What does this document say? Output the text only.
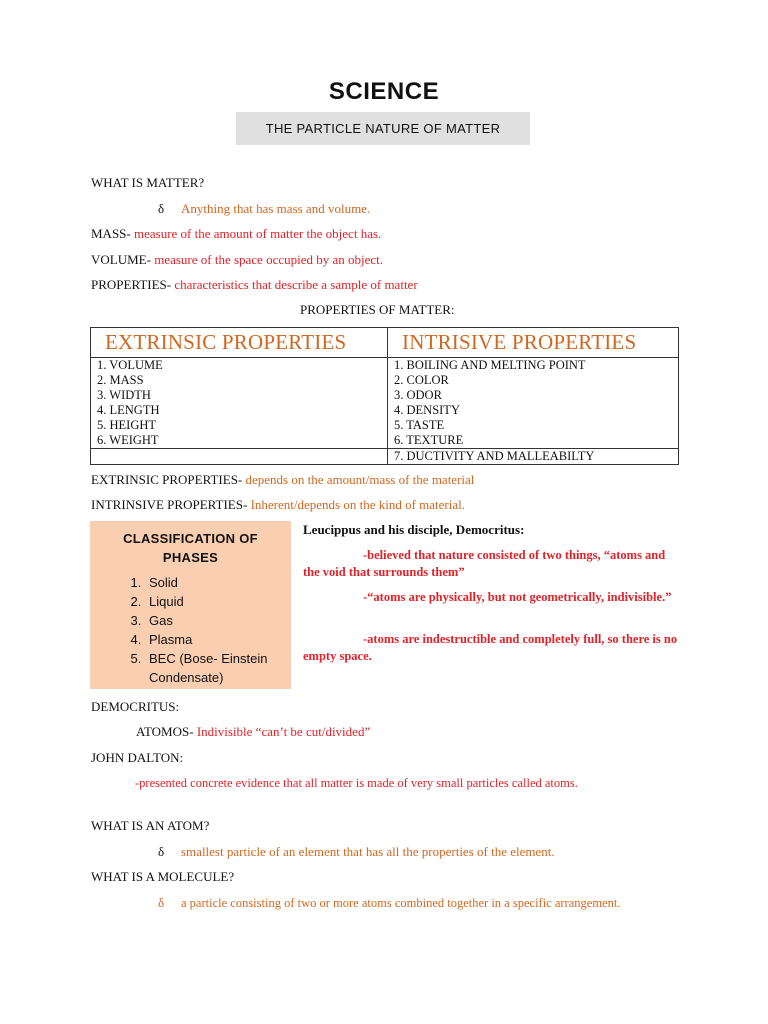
SCIENCE
THE PARTICLE NATURE OF MATTER
WHAT IS MATTER?
δ Anything that has mass and volume.
MASS- measure of the amount of matter the object has.
VOLUME- measure of the space occupied by an object.
PROPERTIES- characteristics that describe a sample of matter
PROPERTIES OF MATTER:
EXTRINSIC PROPERTIES	INTRISIVE PROPERTIES
1. VOLUME	1. BOILING AND MELTING POINT
2. MASS	2. COLOR
3. WIDTH	3. ODOR
4. LENGTH	4. DENSITY
5. HEIGHT	5. TASTE
6. WEIGHT	6. TEXTURE
	7. DUCTIVITY AND MALLEABILTY
EXTRINSIC PROPERTIES- depends on the amount/mass of the material
INTRINSIVE PROPERTIES- Inherent/depends on the kind of material.
CLASSIFICATION OF PHASES
1. Solid
2. Liquid
3. Gas
4. Plasma
5. BEC (Bose- Einstein Condensate)
Leucippus and his disciple, Democritus:
-believed that nature consisted of two things, “atoms and the void that surrounds them”
-“atoms are physically, but not geometrically, indivisible.”
-atoms are indestructible and completely full, so there is no empty space.
DEMOCRITUS:
ATOMOS- Indivisible “can’t be cut/divided”
JOHN DALTON:
-presented concrete evidence that all matter is made of very small particles called atoms.
WHAT IS AN ATOM?
δ smallest particle of an element that has all the properties of the element.
WHAT IS A MOLECULE?
δ a particle consisting of two or more atoms combined together in a specific arrangement.
